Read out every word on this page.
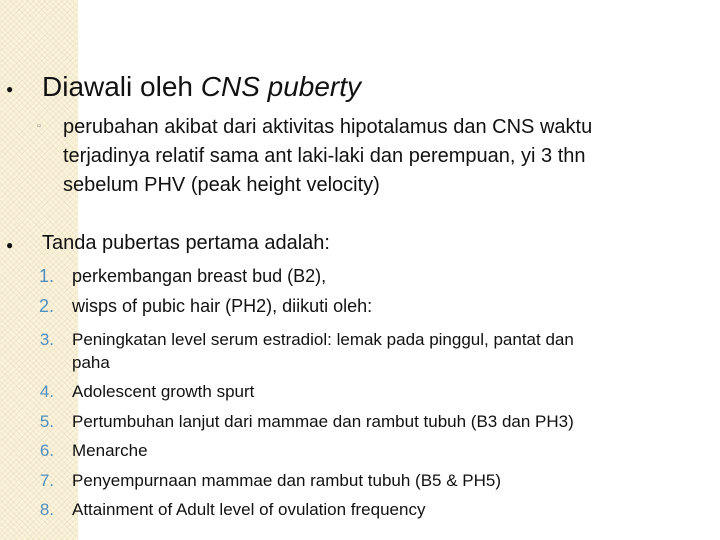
● Diawali oleh CNS puberty
▫ perubahan akibat dari aktivitas hipotalamus dan CNS waktu
terjadinya relatif sama ant laki-laki dan perempuan, yi 3 thn
sebelum PHV (peak height velocity)
● Tanda pubertas pertama adalah:
1. perkembangan breast bud (B2),
2. wisps of pubic hair (PH2), diikuti oleh:
3. Peningkatan level serum estradiol: lemak pada pinggul, pantat dan
paha
4. Adolescent growth spurt
5. Pertumbuhan lanjut dari mammae dan rambut tubuh (B3 dan PH3)
6. Menarche
7. Penyempurnaan mammae dan rambut tubuh (B5 & PH5)
8. Attainment of Adult level of ovulation frequency
